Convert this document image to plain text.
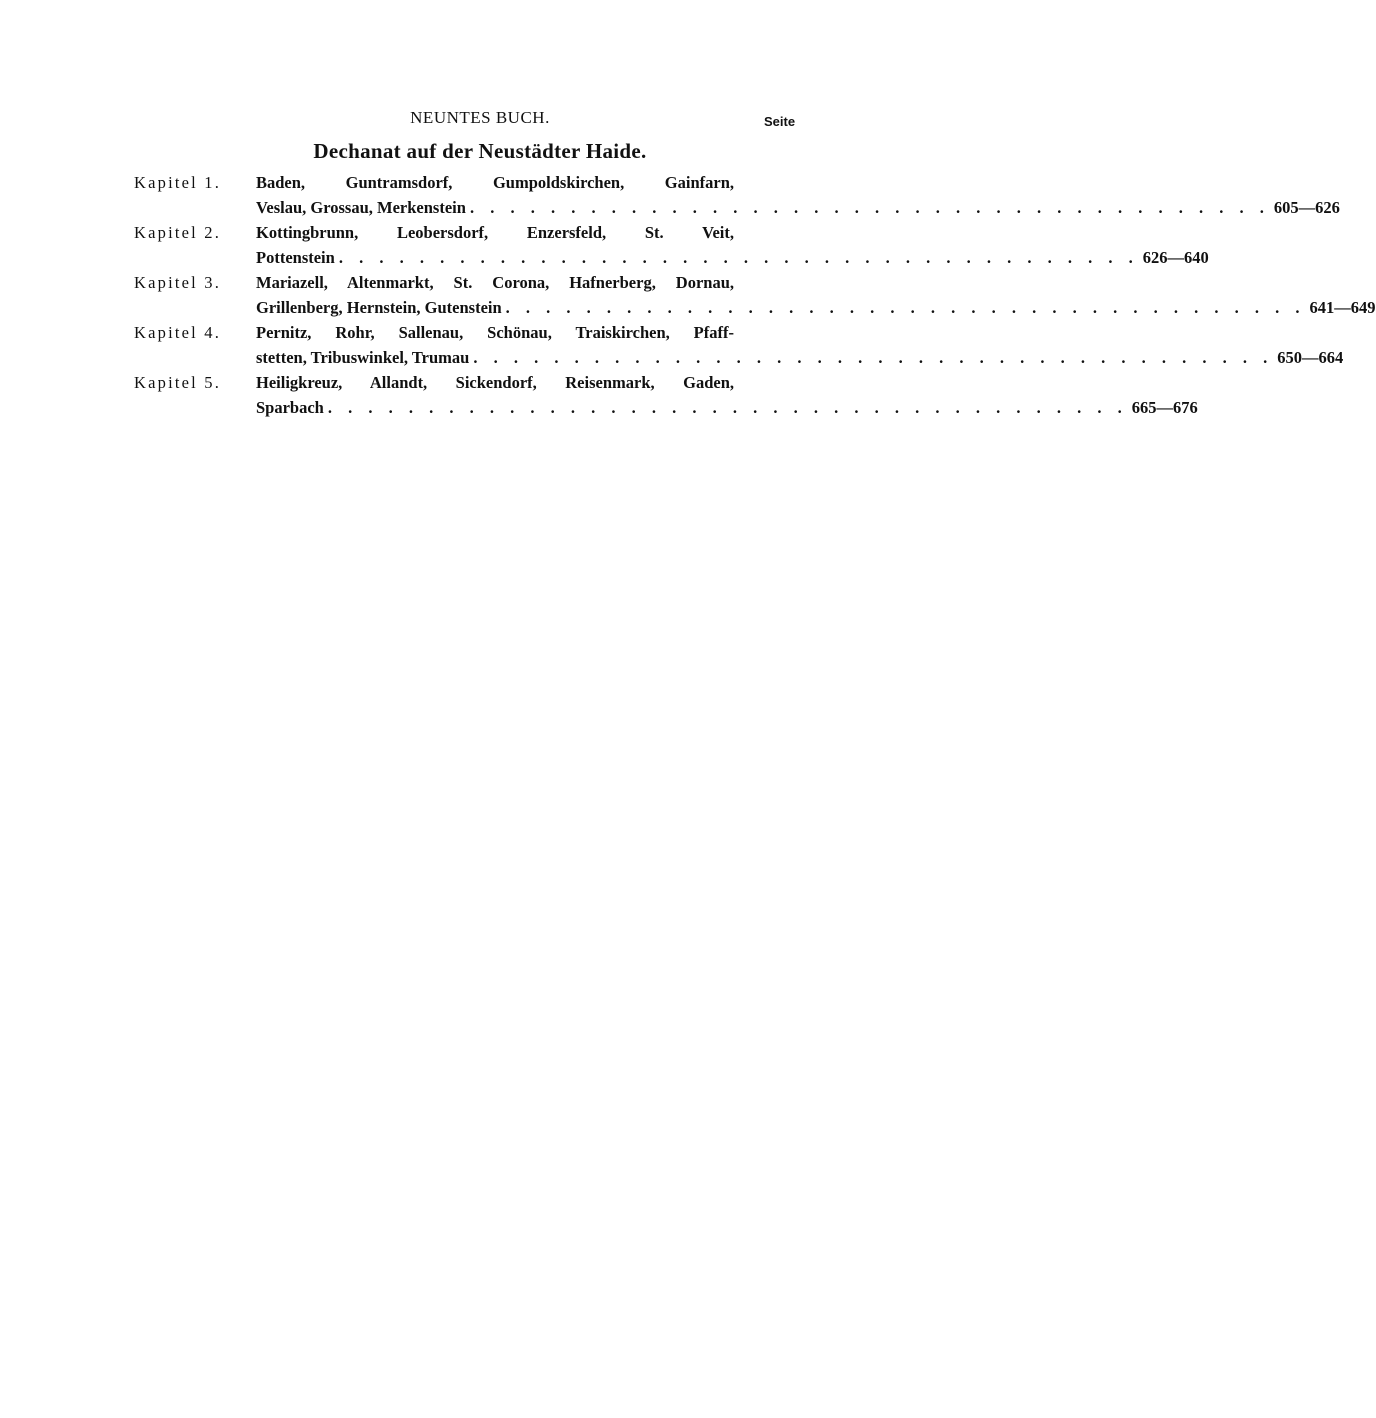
NEUNTES BUCH.	Seite
Dechanat auf der Neustädter Haide.
Kapitel 1. Baden, Guntramsdorf, Gumpoldskirchen, Gainfarn,
Veslau, Grossau, Merkenstein . . . . . . . . . . . . . . . . . . . . . . . . . . . . . . . . . . . . . . . . 605—626
Kapitel 2. Kottingbrunn, Leobersdorf, Enzersfeld, St. Veit,
Pottenstein . . . . . . . . . . . . . . . . . . . . . . . . . . . . . . . . . . . . . . . . 626—640
Kapitel 3. Mariazell, Altenmarkt, St. Corona, Hafnerberg, Dornau,
Grillenberg, Hernstein, Gutenstein . . . . . . . . . . . . . . . . . . . . . . . . . . . . . . . . . . . . . . . . 641—649
Kapitel 4. Pernitz, Rohr, Sallenau, Schönau, Traiskirchen, Pfaff-
stetten, Tribuswinkel, Trumau . . . . . . . . . . . . . . . . . . . . . . . . . . . . . . . . . . . . . . . . 650—664
Kapitel 5. Heiligkreuz, Allandt, Sickendorf, Reisenmark, Gaden,
Sparbach . . . . . . . . . . . . . . . . . . . . . . . . . . . . . . . . . . . . . . . . 665—676
